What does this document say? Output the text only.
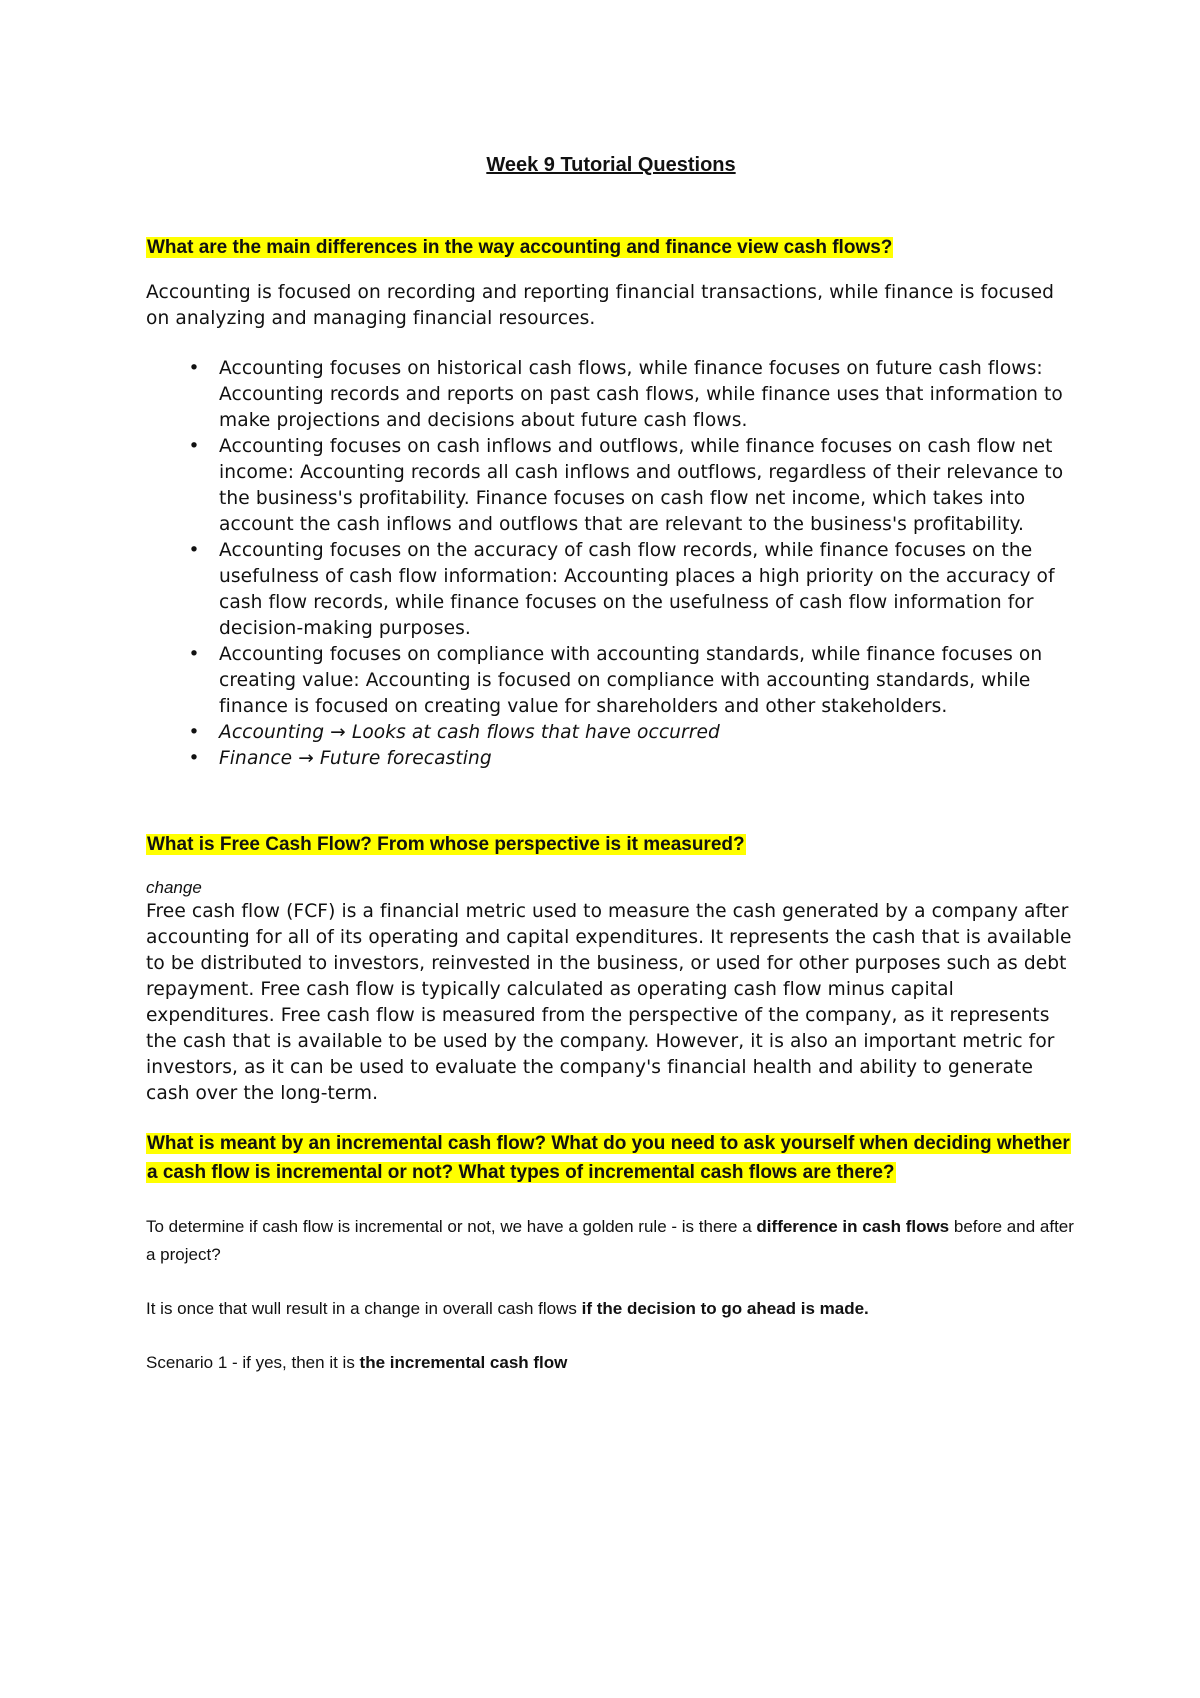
Week 9 Tutorial Questions

What are the main differences in the way accounting and finance view cash flows?

Accounting is focused on recording and reporting financial transactions, while finance is focused on analyzing and managing financial resources.

• Accounting focuses on historical cash flows, while finance focuses on future cash flows: Accounting records and reports on past cash flows, while finance uses that information to make projections and decisions about future cash flows.
• Accounting focuses on cash inflows and outflows, while finance focuses on cash flow net income: Accounting records all cash inflows and outflows, regardless of their relevance to the business's profitability. Finance focuses on cash flow net income, which takes into account the cash inflows and outflows that are relevant to the business's profitability.
• Accounting focuses on the accuracy of cash flow records, while finance focuses on the usefulness of cash flow information: Accounting places a high priority on the accuracy of cash flow records, while finance focuses on the usefulness of cash flow information for decision-making purposes.
• Accounting focuses on compliance with accounting standards, while finance focuses on creating value: Accounting is focused on compliance with accounting standards, while finance is focused on creating value for shareholders and other stakeholders.
• Accounting → Looks at cash flows that have occurred
• Finance → Future forecasting

What is Free Cash Flow? From whose perspective is it measured?

change

Free cash flow (FCF) is a financial metric used to measure the cash generated by a company after accounting for all of its operating and capital expenditures. It represents the cash that is available to be distributed to investors, reinvested in the business, or used for other purposes such as debt repayment. Free cash flow is typically calculated as operating cash flow minus capital expenditures. Free cash flow is measured from the perspective of the company, as it represents the cash that is available to be used by the company. However, it is also an important metric for investors, as it can be used to evaluate the company's financial health and ability to generate cash over the long-term.

What is meant by an incremental cash flow? What do you need to ask yourself when deciding whether a cash flow is incremental or not? What types of incremental cash flows are there?

To determine if cash flow is incremental or not, we have a golden rule - is there a difference in cash flows before and after a project?

It is once that wull result in a change in overall cash flows if the decision to go ahead is made.

Scenario 1 - if yes, then it is the incremental cash flow
